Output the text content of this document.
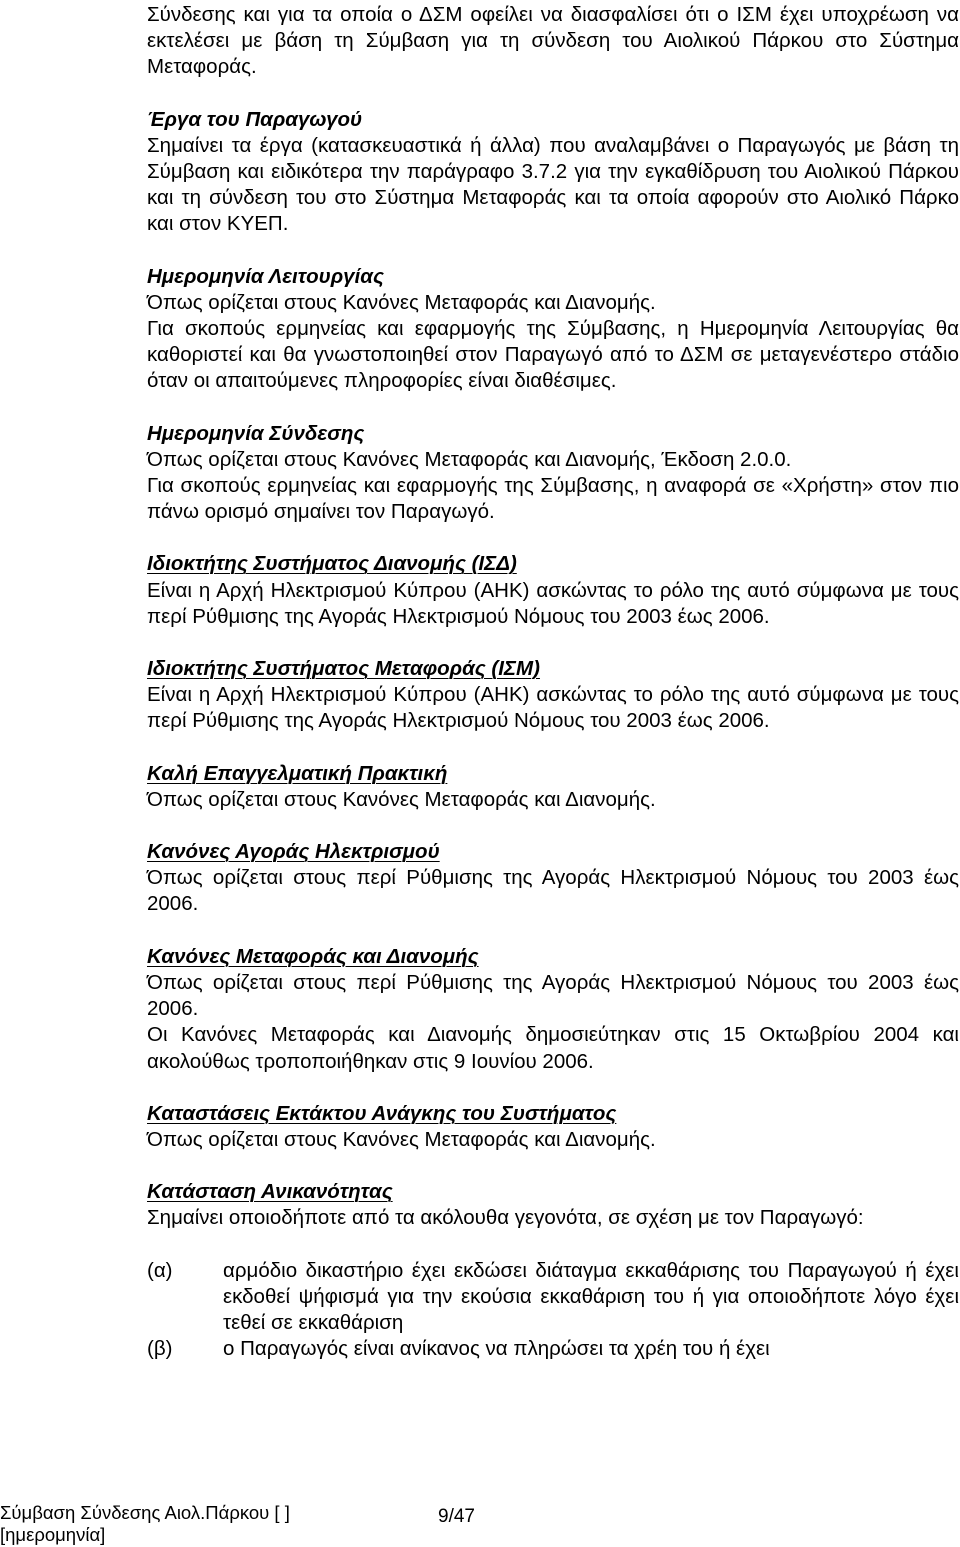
Σύνδεσης και για τα οποία ο ΔΣΜ οφείλει να διασφαλίσει ότι ο ΙΣΜ έχει υποχρέωση να εκτελέσει με βάση τη Σύμβαση για τη σύνδεση του Αιολικού Πάρκου στο Σύστημα Μεταφοράς.

Έργα του Παραγωγού

Σημαίνει τα έργα (κατασκευαστικά ή άλλα) που αναλαμβάνει ο Παραγωγός με βάση τη Σύμβαση και ειδικότερα την παράγραφο 3.7.2 για την εγκαθίδρυση του Αιολικού Πάρκου και τη σύνδεση του στο Σύστημα Μεταφοράς και τα οποία αφορούν στο Αιολικό Πάρκο και στον ΚΥΕΠ.

Ημερομηνία Λειτουργίας

Όπως ορίζεται στους Κανόνες Μεταφοράς και Διανομής.

Για σκοπούς ερμηνείας και εφαρμογής της Σύμβασης, η Ημερομηνία Λειτουργίας θα καθοριστεί και θα γνωστοποιηθεί στον Παραγωγό από το ΔΣΜ σε μεταγενέστερο στάδιο όταν οι απαιτούμενες πληροφορίες είναι διαθέσιμες.

Ημερομηνία Σύνδεσης

Όπως ορίζεται στους Κανόνες Μεταφοράς και Διανομής, Έκδοση 2.0.0.

Για σκοπούς ερμηνείας και εφαρμογής της Σύμβασης, η αναφορά σε «Χρήστη» στον πιο πάνω ορισμό σημαίνει τον Παραγωγό.

Ιδιοκτήτης Συστήματος Διανομής (ΙΣΔ)

Είναι η Αρχή Ηλεκτρισμού Κύπρου (ΑΗΚ) ασκώντας το ρόλο της αυτό σύμφωνα με τους περί Ρύθμισης της Αγοράς Ηλεκτρισμού Νόμους του 2003 έως 2006.

Ιδιοκτήτης Συστήματος Μεταφοράς (ΙΣΜ)

Είναι η Αρχή Ηλεκτρισμού Κύπρου (ΑΗΚ) ασκώντας το ρόλο της αυτό σύμφωνα με τους περί Ρύθμισης της Αγοράς Ηλεκτρισμού Νόμους του 2003 έως 2006.

Καλή Επαγγελματική Πρακτική

Όπως ορίζεται στους Κανόνες Μεταφοράς και Διανομής.

Κανόνες Αγοράς Ηλεκτρισμού

Όπως ορίζεται στους περί Ρύθμισης της Αγοράς Ηλεκτρισμού Νόμους του 2003 έως 2006.

Κανόνες Μεταφοράς και Διανομής

Όπως ορίζεται στους περί Ρύθμισης της Αγοράς Ηλεκτρισμού Νόμους του 2003 έως 2006.

Οι Κανόνες Μεταφοράς και Διανομής δημοσιεύτηκαν στις 15 Οκτωβρίου 2004 και ακολούθως τροποποιήθηκαν στις 9 Ιουνίου 2006.

Καταστάσεις Εκτάκτου Ανάγκης του Συστήματος

Όπως ορίζεται στους Κανόνες Μεταφοράς και Διανομής.

Κατάσταση Ανικανότητας

Σημαίνει οποιοδήποτε από τα ακόλουθα γεγονότα, σε σχέση με τον Παραγωγό:

(α)	αρμόδιο δικαστήριο έχει εκδώσει διάταγμα εκκαθάρισης του Παραγωγού ή έχει εκδοθεί ψήφισμά για την εκούσια εκκαθάριση του ή για οποιοδήποτε λόγο έχει τεθεί σε εκκαθάριση
(β)	ο Παραγωγός είναι ανίκανος να πληρώσει τα χρέη του ή έχει
Σύμβαση Σύνδεσης Αιολ.Πάρκου [ ]
[ημερομηνία]
9/47
